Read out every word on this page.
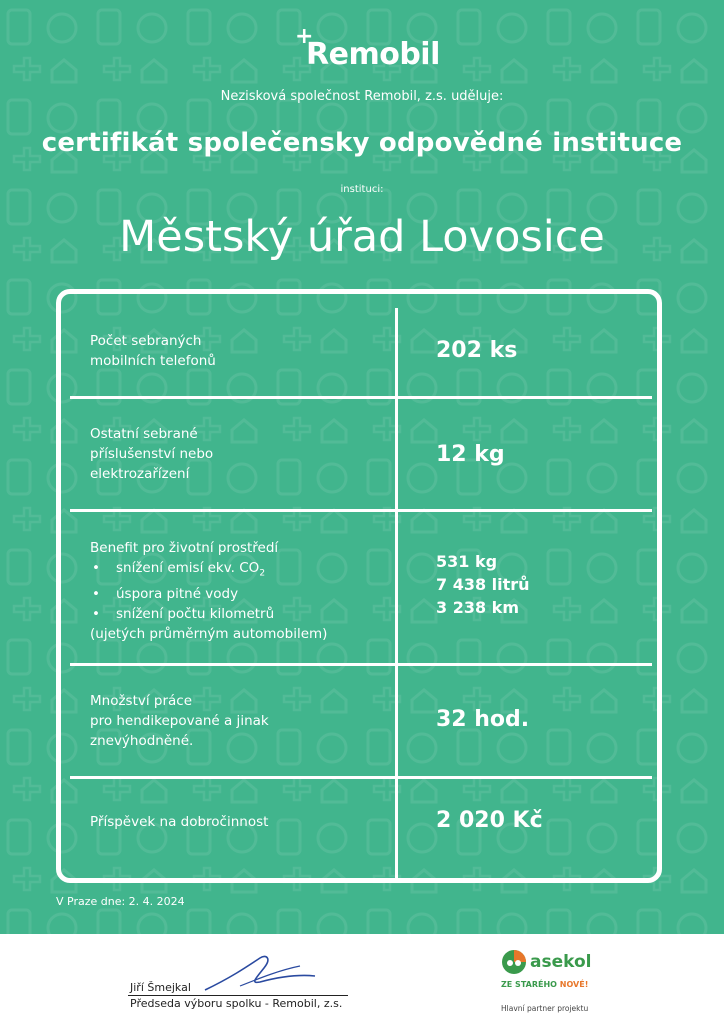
+
Remobil
Nezisková společnost Remobil, z.s. uděluje:
certifikát společensky odpovědné instituce
instituci:
Městský úřad Lovosice
Počet sebraných
mobilních telefonů	202 ks
Ostatní sebrané
příslušenství nebo
elektrozařízení
12 kg
Benefit pro životní prostředí
• snížení emisí ekv. $CO_2$
• úspora pitné vody
• snížení počtu kilometrů
(ujetých průměrným automobilem)
531 kg
7 438 litrů
3 238 km
Množství práce
pro hendikepované a jinak
znevýhodněné.
32 hod.
Příspěvek na dobročinnost	2 020 Kč
V Praze dne: 2. 4. 2024
Jiří Šmejkal
Předseda výboru spolku - Remobil, z.s.
asekol
ZE STARÉHO NOVÉ!
Hlavní partner projektu
